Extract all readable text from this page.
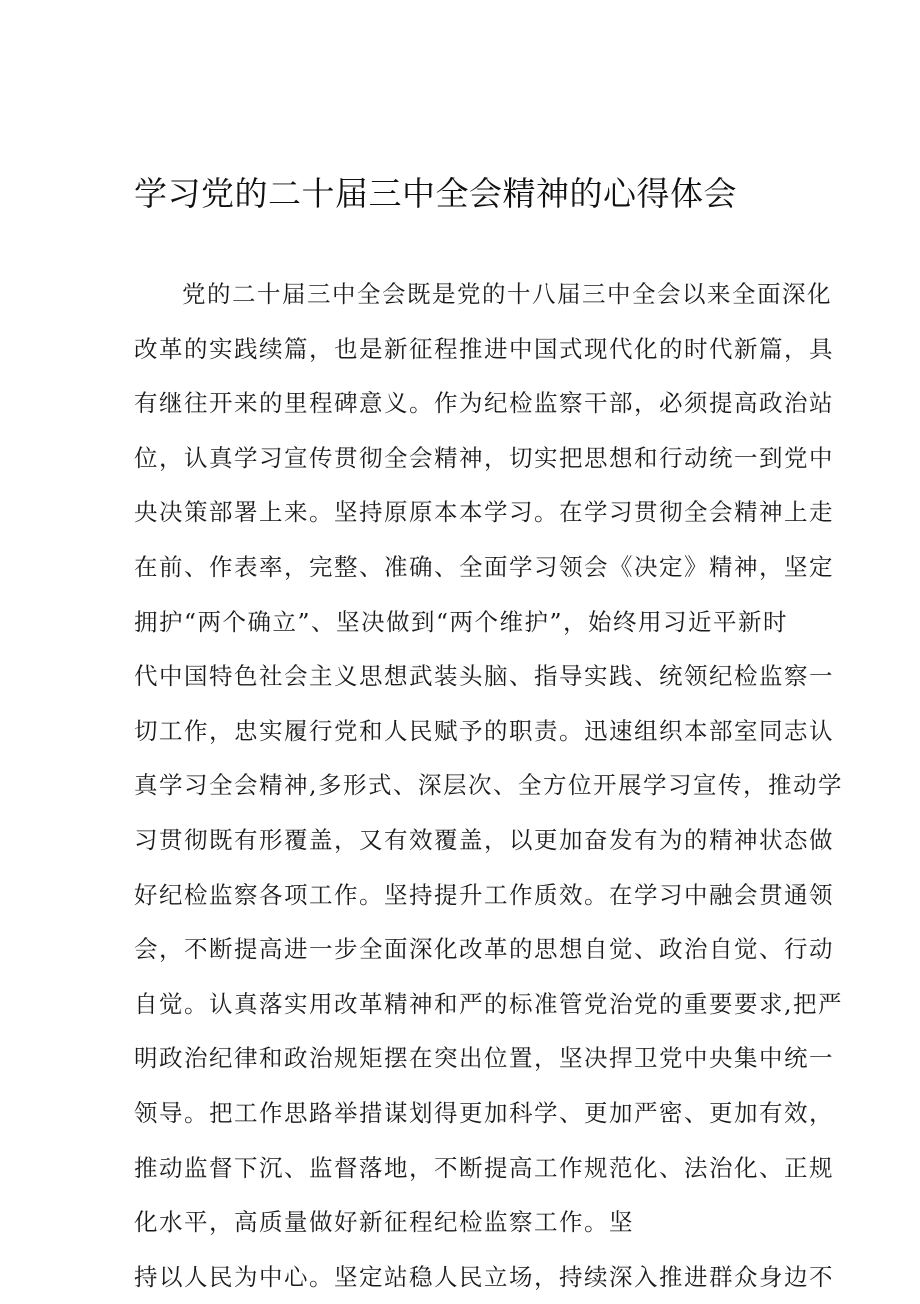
学习党的二十届三中全会精神的心得体会
党的二十届三中全会既是党的十八届三中全会以来全面深化
改革的实践续篇，也是新征程推进中国式现代化的时代新篇，具
有继往开来的里程碑意义。作为纪检监察干部，必须提高政治站
位，认真学习宣传贯彻全会精神，切实把思想和行动统一到党中
央决策部署上来。坚持原原本本学习。在学习贯彻全会精神上走
在前、作表率，完整、准确、全面学习领会《决定》精神，坚定
拥护“两个确立”、坚决做到“两个维护”，始终用习近平新时
代中国特色社会主义思想武装头脑、指导实践、统领纪检监察一
切工作，忠实履行党和人民赋予的职责。迅速组织本部室同志认
真学习全会精神,多形式、深层次、全方位开展学习宣传，推动学
习贯彻既有形覆盖，又有效覆盖，以更加奋发有为的精神状态做
好纪检监察各项工作。坚持提升工作质效。在学习中融会贯通领
会，不断提高进一步全面深化改革的思想自觉、政治自觉、行动
自觉。认真落实用改革精神和严的标准管党治党的重要要求,把严
明政治纪律和政治规矩摆在突出位置，坚决捍卫党中央集中统一
领导。把工作思路举措谋划得更加科学、更加严密、更加有效，
推动监督下沉、监督落地，不断提高工作规范化、法治化、正规
化水平，高质量做好新征程纪检监察工作。坚
持以人民为中心。坚定站稳人民立场，持续深入推进群众身边不
